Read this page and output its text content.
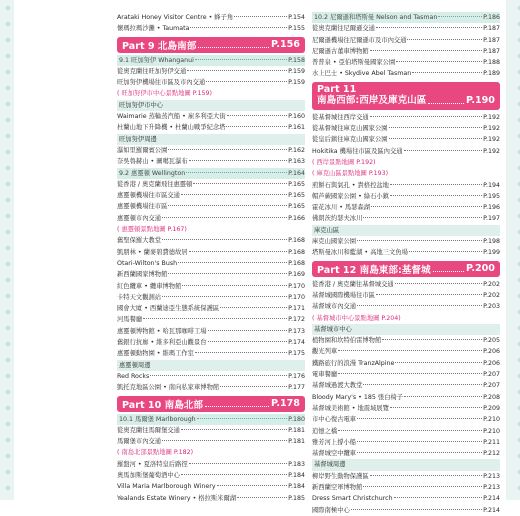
Arataki Honey Visitor Centre • 蜂子角	P.154
懷瑪拉瑪沙灘 • Taumata	P.155
Part 9 北島南部	P.156
9.1 旺加努伊 Whanganui	P.158
從奧克蘭往旺加努伊交通	P.159
旺加努伊機場往市區及市內交通	P.159
( 旺加努伊市中心景點地圖 P.159)
旺加努伊市中心
Waimarie 蒸輪蒸汽船 • 雇多利亞大街	P.160
杜蘭山地下升降機 • 杜蘭山戰爭紀念塔	P.161
旺加努伊周邊
瀑如里羅爾賓公園	P.162
奈吳魯赫山 • 圖噶瓦瀑布	P.163
9.2 惠靈頓 Wellington	P.164
從香港 / 奧克蘭飛往惠靈頓	P.165
惠靈頓機場往市區交通	P.165
惠靈頓機場往市區	P.165
惠靈頓市內交通	P.166
( 惠靈頓景點地圖 P.167)
舊聖保羅大教堂	P.168
凱朋林 • 蘭麥碧費德故居	P.168
Otari-Wilton's Bush	P.168
新西蘭國家博物館	P.169
紅色纜車 • 纜車博物館	P.170
卡特天文觀測站	P.170
國會大廈 • 西蘭迪亞生態系統保護區	P.171
河馬餐廳	P.172
惠靈頓博物館 • 哈瓦那咖啡工場	P.173
舊銀行抗廊 • 維多利亞山觀景台	P.174
惠靈頓動物園 • 維瑪工作室	P.175
惠靈頓周邊
Red Rocks	P.176
凱托克地區公園 • 南向私家車博物館	P.177
Part 10 南島北部	P.178
10.1 馬爾堡 Marlborough	P.180
從奧克蘭往馬爾堡交通	P.181
馬爾堡市內交通	P.181
( 南島北部景點地圖 P.182)
羅盤河 • 夏洛特皇后路徑	P.183
奧馬加斯堡葡萄酒中心	P.184
Villa Maria Marlborough Winery	P.184
Yealands Estate Winery • 格拉斯米爾湖	P.185
10.2 尼爾遜和塔斯曼 Nelson and Tasman	P.186
從奧克蘭往尼爾遜交通	P.187
尼爾遜機場往尼爾遜市及市內交通	P.187
尼爾遜古董車博物館	P.187
普普泉 • 亞伯塔斯曼國家公園	P.188
水上巴士 • Skydive Abel Tasman	P.189
Part 11
南島西部:西岸及庫克山區	P.190
從基督城往西岸交通	P.192
從基督城往庫克山國家公園	P.192
從皇后鎮往庫克山國家公園	P.192
Hokitika 機場往市區及區內交通	P.192
( 西岸景點地圖 P.192)
( 庫克山區景點地圖 P.193)
煎餅石與氣孔 • 貴格控盆地	P.194
帽芦蕨國家公園 • 綠石小鎮	P.195
霍花冰川 • 馬瑟森湖	P.196
佛朗茨約瑟夫冰川	P.197
庫克山區
庫克山國家公園	P.198
塔斯曼冰川和藍湖 • 高地三文魚場	P.199
Part 12 南島東部:基督城	P.200
從香港 / 奧克蘭往基督城交通	P.202
基督城國際機場往市區	P.202
基督城市內交通	P.203
( 基督城市中心景點地圖 P.204)
基督城市中心
植物園和坎特伯雷博物館	P.205
觀光列車	P.206
鐵路旅行的浪漫 TranzAlpine	P.206
電車餐廳	P.207
基督城過渡大教堂	P.207
Bloody Mary's • 185 張白椅子	P.208
基督城美術館 • 地震域展覽	P.209
市中心復古電車	P.210
追憶之橋	P.210
雅芳河上撐小船	P.211
基督城空中纜車	P.212
基督城周邊
柳岸野生動物保護區	P.213
新西蘭空軍博物館	P.213
Dress Smart Christchurch	P.214
國際南極中心	P.214
